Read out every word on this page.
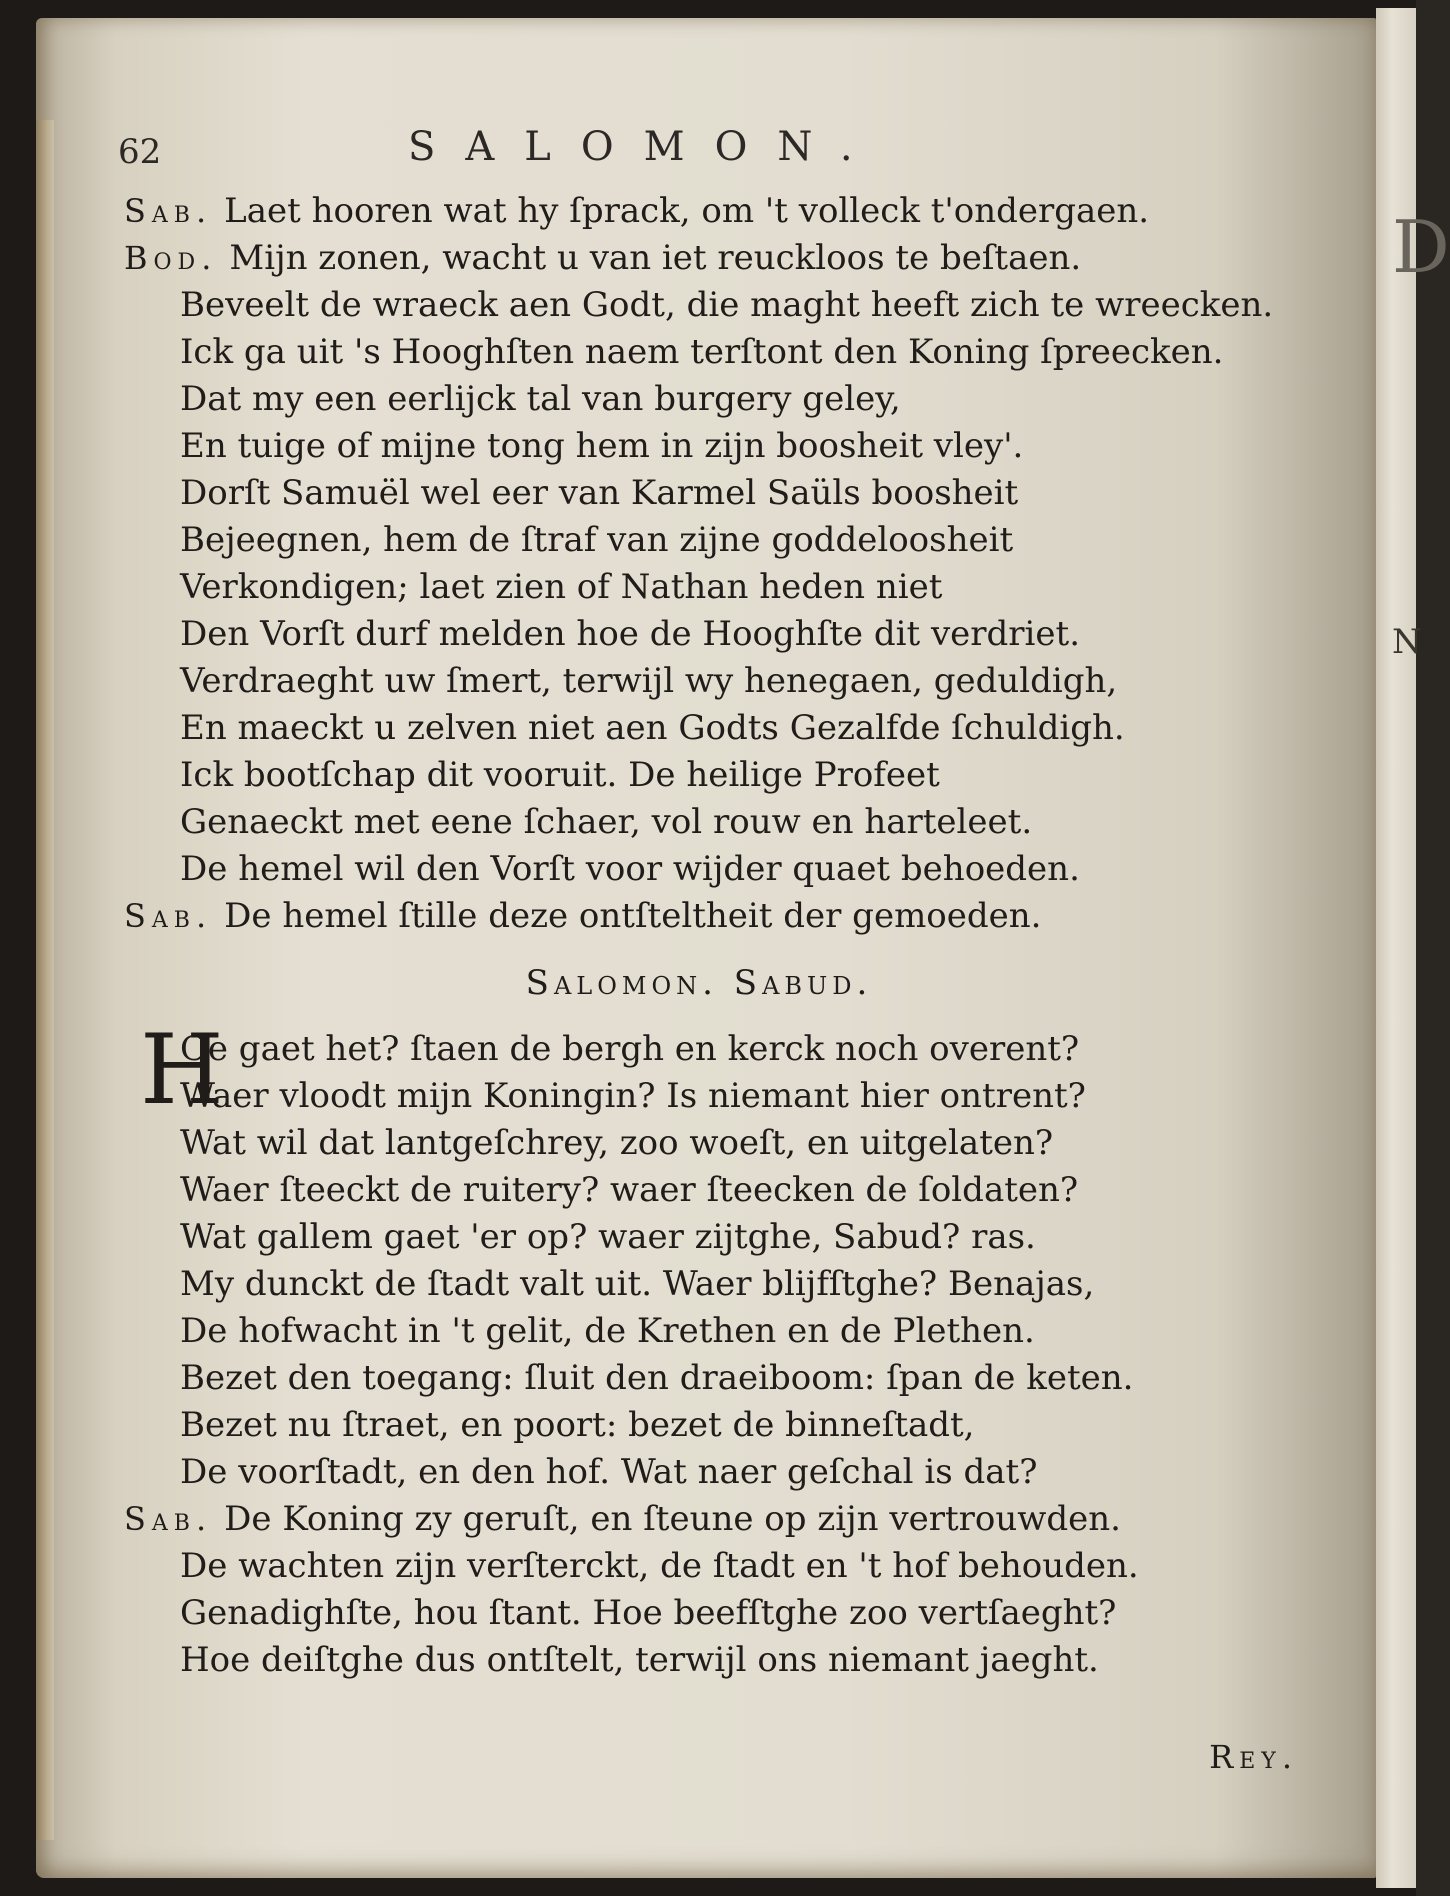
D
N
62	SALOMON.
Sab. Laet hooren wat hy ſprack, om 't volleck t'ondergaen.
Bod. Mijn zonen, wacht u van iet reuckloos te beſtaen.
Beveelt de wraeck aen Godt, die maght heeft zich te wreecken.
Ick ga uit 's Hooghſten naem terſtont den Koning ſpreecken.
Dat my een eerlijck tal van burgery geley,
En tuige of mijne tong hem in zijn boosheit vley'.
Dorſt Samuël wel eer van Karmel Saüls boosheit
Bejeegnen, hem de ſtraf van zijne goddeloosheit
Verkondigen; laet zien of Nathan heden niet
Den Vorſt durf melden hoe de Hooghſte dit verdriet.
Verdraeght uw ſmert, terwijl wy henegaen, geduldigh,
En maeckt u zelven niet aen Godts Gezalfde ſchuldigh.
Ick bootſchap dit vooruit. De heilige Profeet
Genaeckt met eene ſchaer, vol rouw en harteleet.
De hemel wil den Vorſt voor wijder quaet behoeden.
Sab. De hemel ſtille deze ontſteltheit der gemoeden.
Salomon. Sabud.
H
Oe gaet het? ſtaen de bergh en kerck noch overent?
Waer vloodt mijn Koningin? Is niemant hier ontrent?
Wat wil dat lantgeſchrey, zoo woeſt, en uitgelaten?
Waer ſteeckt de ruitery? waer ſteecken de ſoldaten?
Wat gallem gaet 'er op? waer zijtghe, Sabud? ras.
My dunckt de ſtadt valt uit. Waer blijfſtghe? Benajas,
De hofwacht in 't gelit, de Krethen en de Plethen.
Bezet den toegang: ſluit den draeiboom: ſpan de keten.
Bezet nu ſtraet, en poort: bezet de binneſtadt,
De voorſtadt, en den hof. Wat naer geſchal is dat?
Sab. De Koning zy geruſt, en ſteune op zijn vertrouwden.
De wachten zijn verſterckt, de ſtadt en 't hof behouden.
Genadighſte, hou ſtant. Hoe beefſtghe zoo vertſaeght?
Hoe deiſtghe dus ontſtelt, terwijl ons niemant jaeght.
Rey.
